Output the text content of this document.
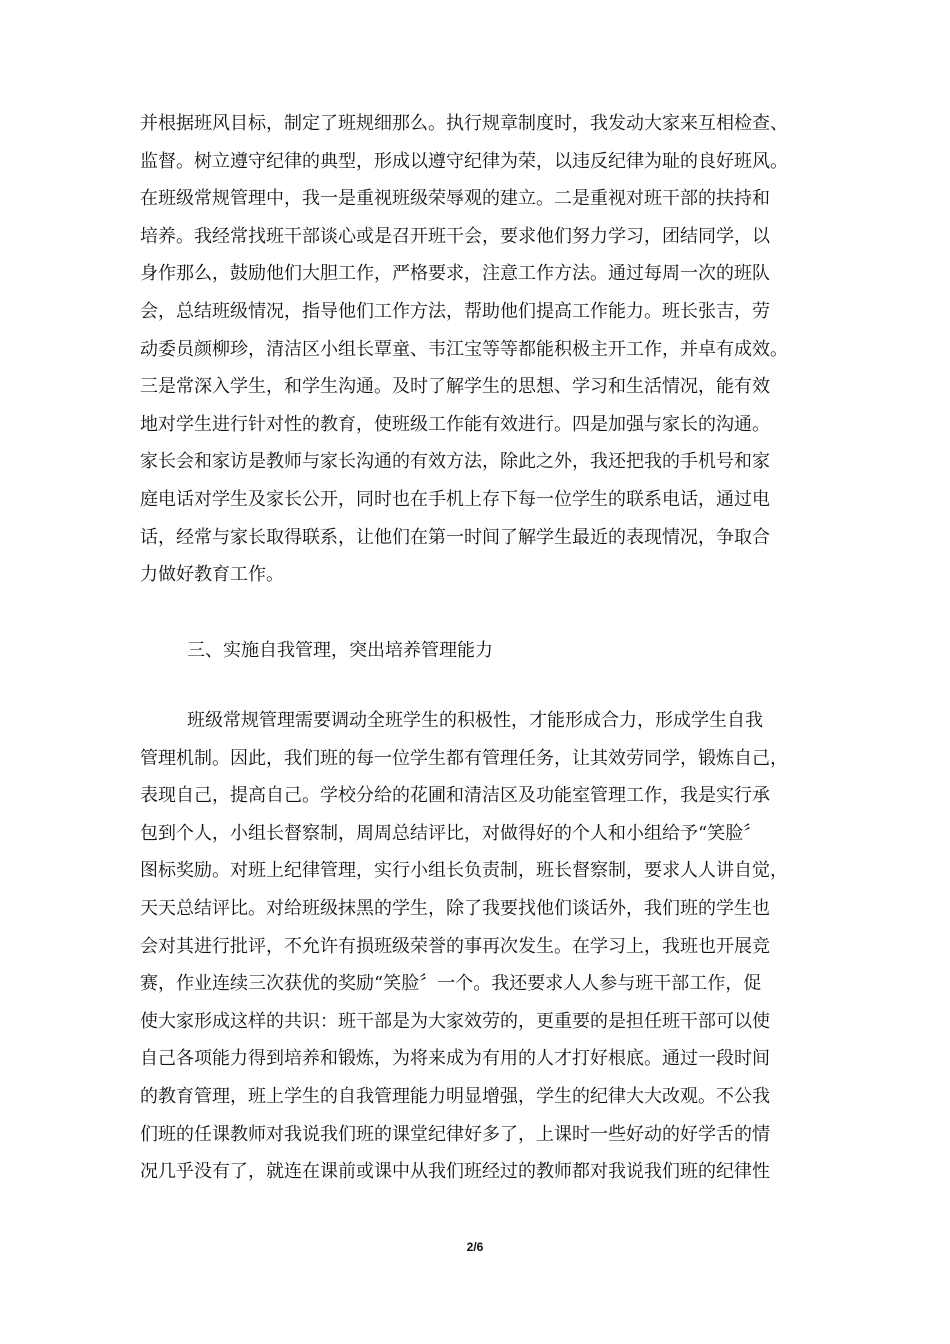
并根据班风目标，制定了班规细那么。执行规章制度时，我发动大家来互相检查、
监督。树立遵守纪律的典型，形成以遵守纪律为荣，以违反纪律为耻的良好班风。
在班级常规管理中，我一是重视班级荣辱观的建立。二是重视对班干部的扶持和
培养。我经常找班干部谈心或是召开班干会，要求他们努力学习，团结同学，以
身作那么，鼓励他们大胆工作，严格要求，注意工作方法。通过每周一次的班队
会，总结班级情况，指导他们工作方法，帮助他们提高工作能力。班长张吉，劳
动委员颜柳珍，清洁区小组长覃童、韦江宝等等都能积极主开工作，并卓有成效。
三是常深入学生，和学生沟通。及时了解学生的思想、学习和生活情况，能有效
地对学生进行针对性的教育，使班级工作能有效进行。四是加强与家长的沟通。
家长会和家访是教师与家长沟通的有效方法，除此之外，我还把我的手机号和家
庭电话对学生及家长公开，同时也在手机上存下每一位学生的联系电话，通过电
话，经常与家长取得联系，让他们在第一时间了解学生最近的表现情况，争取合
力做好教育工作。
三、实施自我管理，突出培养管理能力
班级常规管理需要调动全班学生的积极性，才能形成合力，形成学生自我
管理机制。因此，我们班的每一位学生都有管理任务，让其效劳同学，锻炼自己，
表现自己，提高自己。学校分给的花圃和清洁区及功能室管理工作，我是实行承
包到个人，小组长督察制，周周总结评比，对做得好的个人和小组给予“笑脸〞
图标奖励。对班上纪律管理，实行小组长负责制，班长督察制，要求人人讲自觉，
天天总结评比。对给班级抹黑的学生，除了我要找他们谈话外，我们班的学生也
会对其进行批评，不允许有损班级荣誉的事再次发生。在学习上，我班也开展竞
赛，作业连续三次获优的奖励“笑脸〞一个。我还要求人人参与班干部工作，促
使大家形成这样的共识：班干部是为大家效劳的，更重要的是担任班干部可以使
自己各项能力得到培养和锻炼，为将来成为有用的人才打好根底。通过一段时间
的教育管理，班上学生的自我管理能力明显增强，学生的纪律大大改观。不公我
们班的任课教师对我说我们班的课堂纪律好多了，上课时一些好动的好学舌的情
况几乎没有了，就连在课前或课中从我们班经过的教师都对我说我们班的纪律性
2/6
